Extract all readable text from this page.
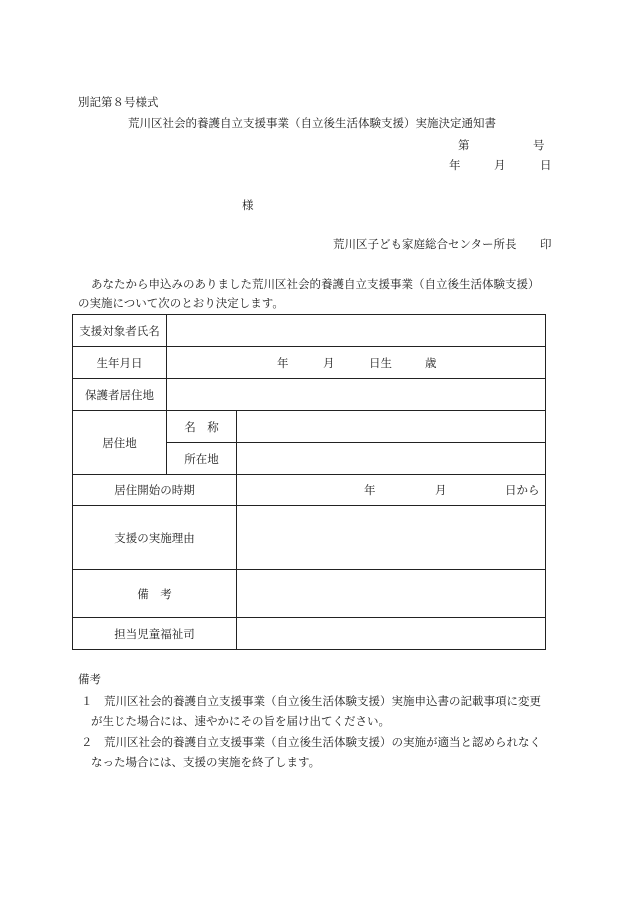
別記第８号様式
荒川区社会的養護自立支援事業（自立後生活体験支援）実施決定通知書
第	号
年	月	日
様
荒川区子ども家庭総合センター所長 印
あなたから申込みのありました荒川区社会的養護自立支援事業（自立後生活体験支援）
の実施について次のとおり決定します。
支援対象者氏名		
生年月日	年 月 日生 歳	

保護者居住地		
居住地	名　称	
	所在地	
居住開始の時期		年 月 日から

支援の実施理由		
備　考		
担当児童福祉司		
備考
１ 荒川区社会的養護自立支援事業（自立後生活体験支援）実施申込書の記載事項に変更
が生じた場合には、速やかにその旨を届け出てください。
２ 荒川区社会的養護自立支援事業（自立後生活体験支援）の実施が適当と認められなく
なった場合には、支援の実施を終了します。
